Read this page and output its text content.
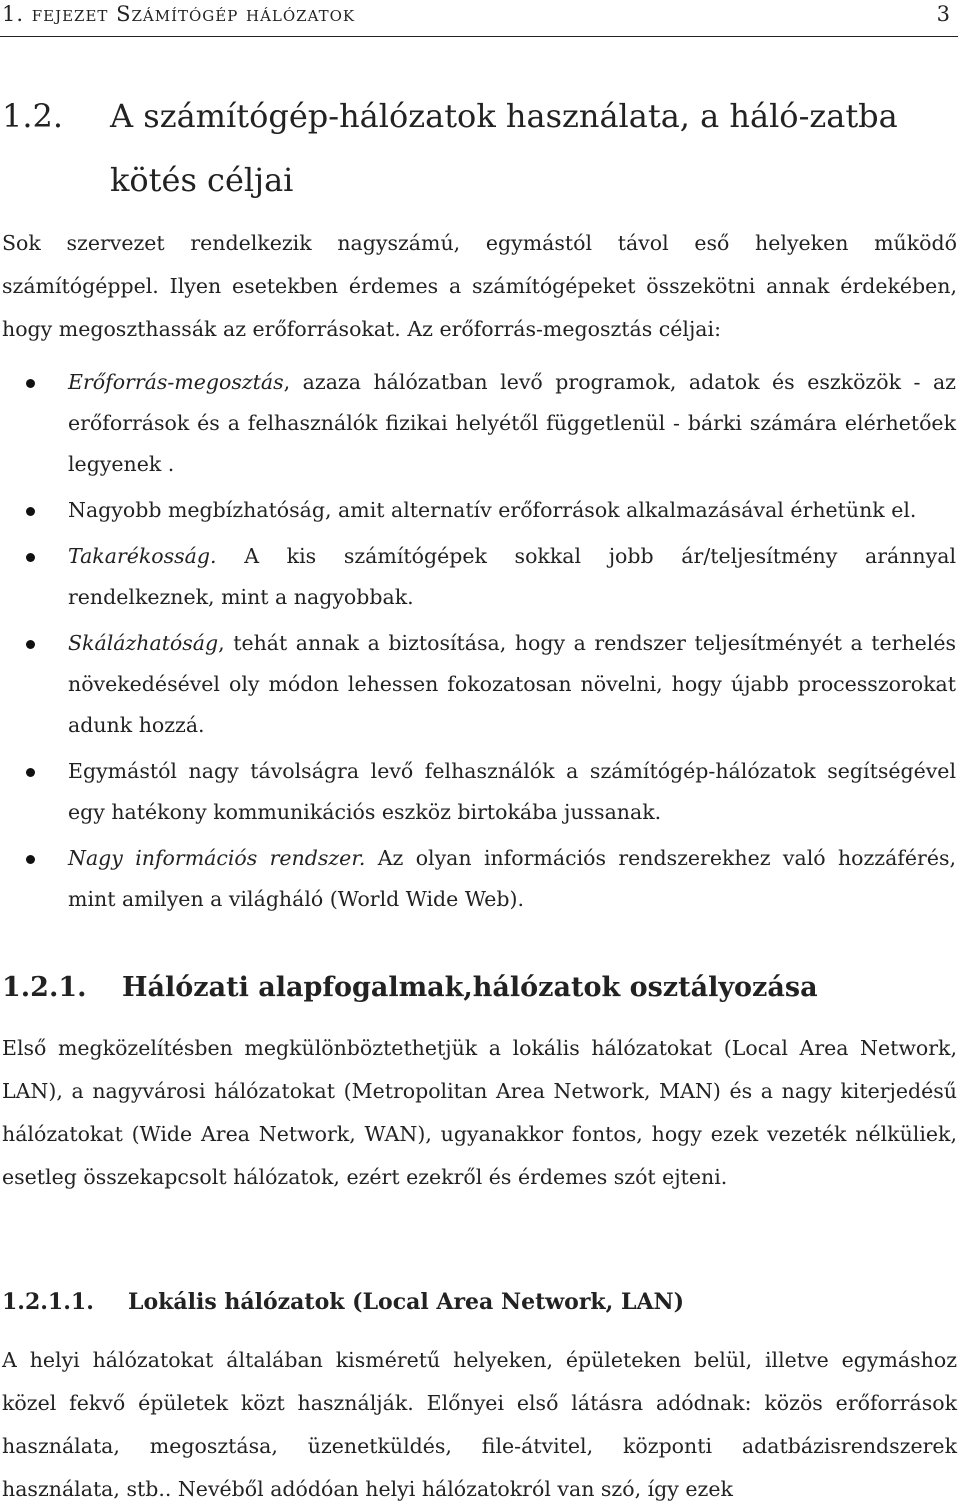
1. fejezet Számítógép hálózatok	3
1.2. A számítógép-hálózatok használata, a háló-zatba kötés céljai

Sok szervezet rendelkezik nagyszámú, egymástól távol eső helyeken működő számítógéppel. Ilyen esetekben érdemes a számítógépeket összekötni annak érdekében, hogy megoszthassák az erőforrásokat. Az erőforrás-megosztás céljai:

Erőforrás-megosztás, azaza hálózatban levő programok, adatok és eszközök - az erőforrások és a felhasználók fizikai helyétől függetlenül - bárki számára elérhetőek legyenek .
Nagyobb megbízhatóság, amit alternatív erőforrások alkalmazásával érhetünk el.
Takarékosság. A kis számítógépek sokkal jobb ár/teljesítmény aránnyal rendelkeznek, mint a nagyobbak.
Skálázhatóság, tehát annak a biztosítása, hogy a rendszer teljesítményét a terhelés növekedésével oly módon lehessen fokozatosan növelni, hogy újabb processzorokat adunk hozzá.
Egymástól nagy távolságra levő felhasználók a számítógép-hálózatok segítségével egy hatékony kommunikációs eszköz birtokába jussanak.
Nagy információs rendszer. Az olyan információs rendszerekhez való hozzáférés, mint amilyen a világháló (World Wide Web).
1.2.1. Hálózati alapfogalmak,hálózatok osztályozása

Első megközelítésben megkülönböztethetjük a lokális hálózatokat (Local Area Network, LAN), a nagyvárosi hálózatokat (Metropolitan Area Network, MAN) és a nagy kiterjedésű hálózatokat (Wide Area Network, WAN), ugyanakkor fontos, hogy ezek vezeték nélküliek, esetleg összekapcsolt hálózatok, ezért ezekről és érdemes szót ejteni.

1.2.1.1. Lokális hálózatok (Local Area Network, LAN)

A helyi hálózatokat általában kisméretű helyeken, épületeken belül, illetve egymáshoz közel fekvő épületek közt használják. Előnyei első látásra adódnak: közös erőforrások használata, megosztása, üzenetküldés, file-átvitel, központi adatbázisrendszerek használata, stb.. Nevéből adódóan helyi hálózatokról van szó, így ezek
